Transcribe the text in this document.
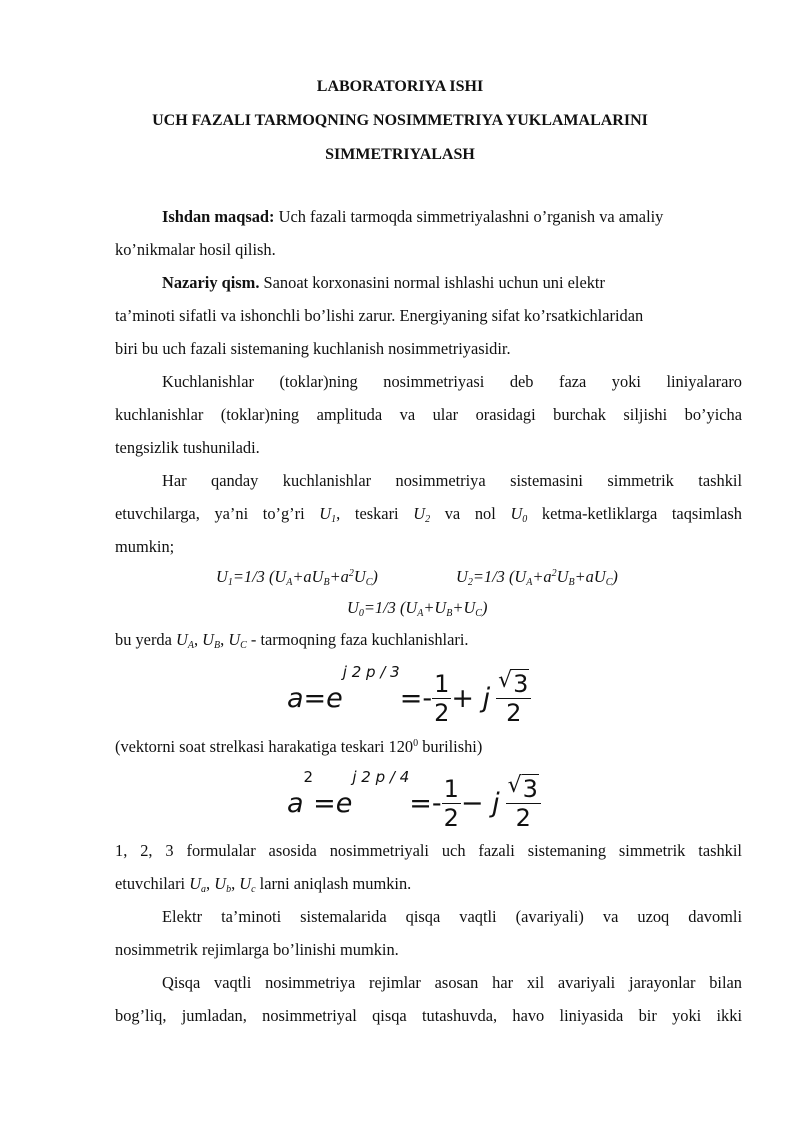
LABORATORIYA ISHI
UCH FAZALI TARMOQNING NOSIMMETRIYA YUKLAMALARINI
SIMMETRIYALASH
Ishdan maqsad: Uch fazali tarmoqda simmetriyalashni o’rganish va amaliy
ko’nikmalar hosil qilish.
Nazariy qism. Sanoat korxonasini normal ishlashi uchun uni elektr
ta’minoti sifatli va ishonchli bo’lishi zarur. Energiyaning sifat ko’rsatkichlaridan
biri bu uch fazali sistemaning kuchlanish nosimmetriyasidir.
Kuchlanishlar (toklar)ning nosimmetriyasi deb faza yoki liniyalararo
kuchlanishlar (toklar)ning amplituda va ular orasidagi burchak siljishi bo’yicha
tengsizlik tushuniladi.
Har qanday kuchlanishlar nosimmetriya sistemasini simmetrik tashkil
etuvchilarga, ya’ni to’g’ri $U_1$, teskari $U_2$ va nol $U_0$ ketma-ketliklarga taqsimlash
mumkin;
$U_1=1/3$ $(U_A+aU_B+a^2U_C)$	$U_2=1/3$ $(U_A+a^2U_B+aU_C)$
$U_0=1/3$ $(U_A+U_B+U_C)$
bu yerda $U_A$, $U_B$, $U_C$ - tarmoqning faza kuchlanishlari.
a=ej 2 $p / 3=- \frac{1}{2} + j \frac{√ 3}{2}$
(vektorni soat strelkasi harakatiga teskari $120^0$ burilishi)
a2=ej 2 $p / 4=- \frac{1}{2} - j \frac{√ 3}{2}$
1, 2, 3 formulalar asosida nosimmetriyali uch fazali sistemaning simmetrik tashkil
etuvchilari $U_a$, $U_b$, $U_c$ larni aniqlash mumkin.
Elektr ta’minoti sistemalarida qisqa vaqtli (avariyali) va uzoq davomli
nosimmetrik rejimlarga bo’linishi mumkin.
Qisqa vaqtli nosimmetriya rejimlar asosan har xil avariyali jarayonlar bilan
bog’liq, jumladan, nosimmetriyal qisqa tutashuvda, havo liniyasida bir yoki ikki
